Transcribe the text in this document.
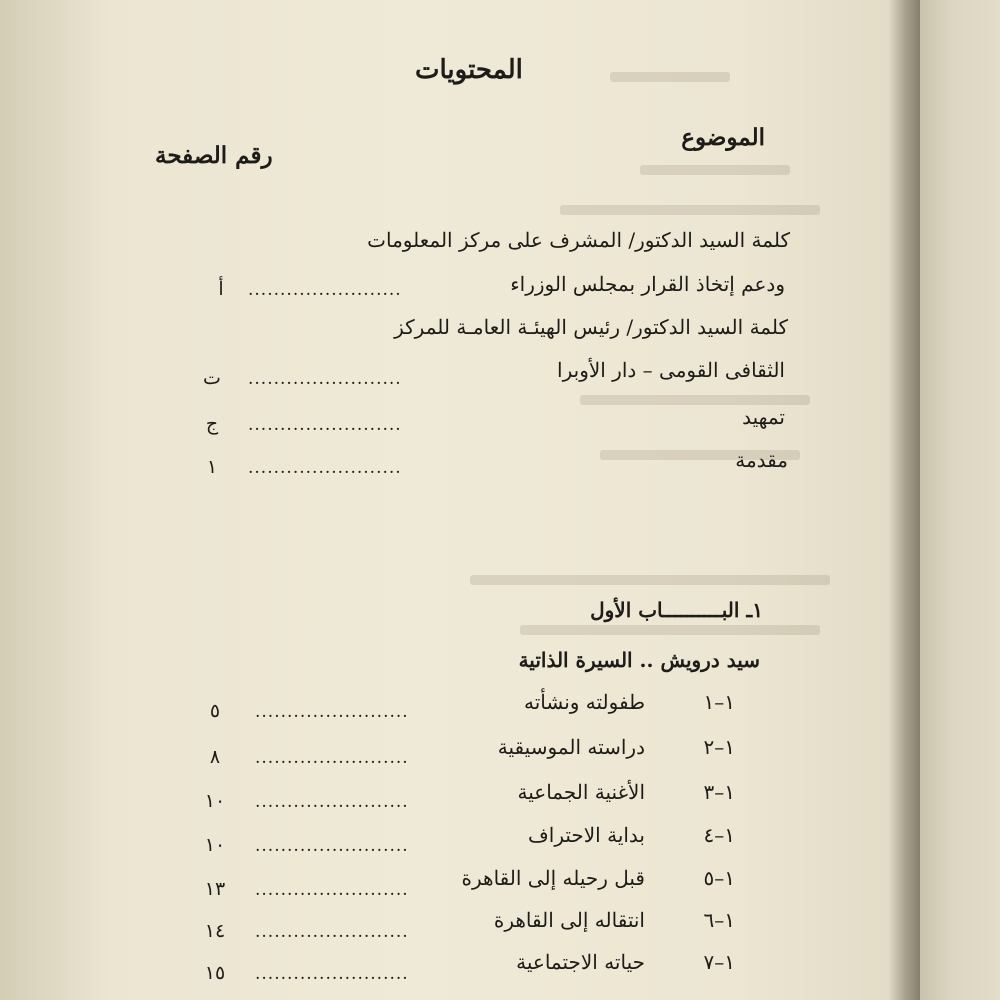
المحتويات
الموضوع
رقم الصفحة
كلمة السيد الدكتور/ المشرف على مركز المعلومات
ودعم إتخاذ القرار بمجلس الوزراء
........................
أ
كلمة السيد الدكتور/ رئيس الهيئـة العامـة للمركز
الثقافى القومى – دار الأوبرا
........................
ت
تمهيد
........................
ج
مقدمة
........................
١
١ـ البــــــــــاب الأول
سيد درويش .. السيرة الذاتية
١–١
طفولته ونشأته
........................
٥
١–٢
دراسته الموسيقية
........................
٨
١–٣
الأغنية الجماعية
........................
١٠
١–٤
بداية الاحتراف
........................
١٠
١–٥
قبل رحيله إلى القاهرة
........................
١٣
١–٦
انتقاله إلى القاهرة
........................
١٤
١–٧
حياته الاجتماعية
........................
١٥
